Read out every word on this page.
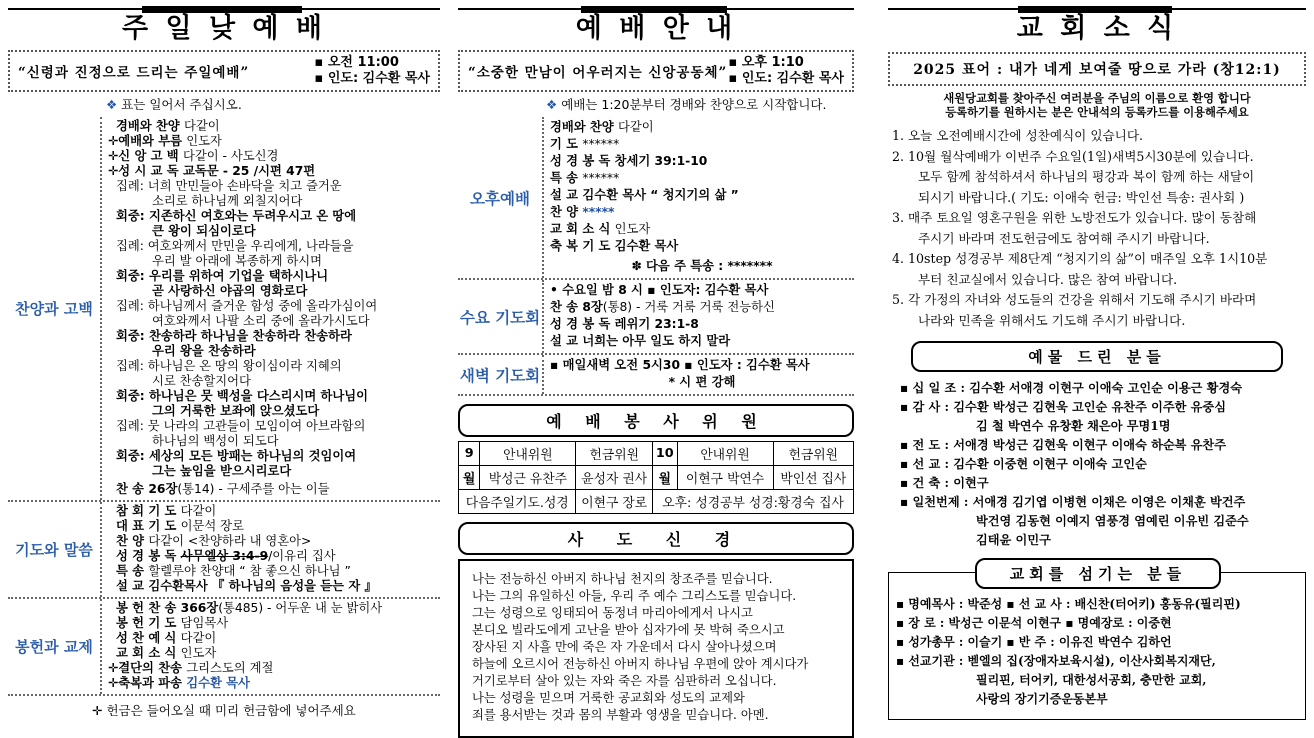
주 일 낮 예 배
“신령과 진정으로 드리는 주일예배”
▪ 오전 11:00
▪ 인도: 김수환 목사
❖ 표는 일어서 주십시오.
찬양과 고백
경배와 찬양 다같이
✛예배와 부름 인도자
✛신 앙 고 백 다같이 - 사도신경
✛성 시 교 독 교독문 - 25 /시편 47편
집례: 너희 만민들아 손바닥을 치고 즐거운
소리로 하나님께 외칠지어다
회중: 지존하신 여호와는 두려우시고 온 땅에
큰 왕이 되심이로다
집례: 여호와께서 만민을 우리에게, 나라들을
우리 발 아래에 복종하게 하시며
회중: 우리를 위하여 기업을 택하시나니
곧 사랑하신 야곱의 영화로다
집례: 하나님께서 즐거운 함성 중에 올라가심이여
여호와께서 나팔 소리 중에 올라가시도다
회중: 찬송하라 하나님을 찬송하라 찬송하라
우리 왕을 찬송하라
집례: 하나님은 온 땅의 왕이심이라 지혜의
시로 찬송할지어다
회중: 하나님은 뭇 백성을 다스리시며 하나님이
그의 거룩한 보좌에 앉으셨도다
집례: 뭇 나라의 고관들이 모임이여 아브라함의
하나님의 백성이 되도다
회중: 세상의 모든 방패는 하나님의 것임이여
그는 높임을 받으시리로다
찬 송 26장(통14) - 구세주를 아는 이들
기도와 말씀
참 회 기 도 다같이
대 표 기 도 이문석 장로
찬 양 다같이 <찬양하라 내 영혼아>
성 경 봉 독 사무엘상 3:4-9/이유리 집사
특 송 할렐루야 찬양대 “ 참 좋으신 하나님 ”
설 교 김수환목사 『 하나님의 음성을 듣는 자 』
봉헌과 교제
봉 헌 찬 송 366장(통485) - 어두운 내 눈 밝히사
봉 헌 기 도 담임목사
성 찬 예 식 다같이
교 회 소 식 인도자
✛결단의 찬송 그리스도의 계절
✛축복과 파송 김수환 목사
✛ 헌금은 들어오실 때 미리 헌금함에 넣어주세요
예 배 안 내
“소중한 만남이 어우러지는 신앙공동체”
▪ 오후 1:10
▪ 인도: 김수환 목사
❖ 예배는 1:20분부터 경배와 찬양으로 시작합니다.
오후예배
경배와 찬양 다같이
기 도 ******
성 경 봉 독 창세기 39:1-10
특 송 ******
설 교 김수환 목사 “ 청지기의 삶 ”
찬 양 *****
교 회 소 식 인도자
축 복 기 도 김수환 목사
✽ 다음 주 특송 : *******
수요 기도회
• 수요일 밤 8 시 ▪ 인도자: 김수환 목사
찬 송 8장(통8) - 거룩 거룩 거룩 전능하신
성 경 봉 독 레위기 23:1-8
설 교 너희는 아무 일도 하지 말라
새벽 기도회
▪ 매일새벽 오전 5시30 ▪ 인도자 : 김수환 목사
* 시 편 강해
예 배 봉 사 위 원
9	안내위원	헌금위원	10	안내위원	헌금위원
월	박성근 유찬주	윤성자 권사	월	이현구 박연수	박인선 집사
다음주일기도.성경		이현구 장로	오후: 성경공부 성경:황경숙 집사		
사 도 신 경
나는 전능하신 아버지 하나님 천지의 창조주를 믿습니다.
나는 그의 유일하신 아들, 우리 주 예수 그리스도를 믿습니다.
그는 성령으로 잉태되어 동정녀 마리아에게서 나시고
본디오 빌라도에게 고난을 받아 십자가에 못 박혀 죽으시고
장사된 지 사흘 만에 죽은 자 가운데서 다시 살아나셨으며
하늘에 오르시어 전능하신 아버지 하나님 우편에 앉아 계시다가
거기로부터 살아 있는 자와 죽은 자를 심판하러 오십니다.
나는 성령을 믿으며 거룩한 공교회와 성도의 교제와
죄를 용서받는 것과 몸의 부활과 영생을 믿습니다. 아멘.
교 회 소 식
2025 표어 : 내가 네게 보여줄 땅으로 가라 (창12:1)
새원당교회를 찾아주신 여러분을 주님의 이름으로 환영 합니다
등록하기를 원하시는 분은 안내석의 등록카드를 이용해주세요
1. 오늘 오전예배시간에 성찬예식이 있습니다.
2. 10월 월삭예배가 이번주 수요일(1일)새벽5시30분에 있습니다.
모두 함께 참석하셔서 하나님의 평강과 복이 함께 하는 새달이
되시기 바랍니다.( 기도: 이애숙 헌금: 박인선 특송: 권사회 )
3. 매주 토요일 영혼구원을 위한 노방전도가 있습니다. 많이 동참해
주시기 바라며 전도헌금에도 참여해 주시기 바랍니다.
4. 10step 성경공부 제8단계 “청지기의 삶”이 매주일 오후 1시10분
부터 친교실에서 있습니다. 많은 참여 바랍니다.
5. 각 가정의 자녀와 성도들의 건강을 위해서 기도해 주시기 바라며
나라와 민족을 위해서도 기도해 주시기 바랍니다.
예물 드린 분들
▪ 십 일 조 : 김수환 서애경 이현구 이애숙 고인순 이용근 황경숙
▪ 감 사 : 김수환 박성근 김현욱 고인순 유찬주 이주한 유중심
김 철 박연수 유창환 채은아 무명1명
▪ 전 도 : 서애경 박성근 김현욱 이현구 이애숙 하순복 유찬주
▪ 선 교 : 김수환 이중현 이현구 이애숙 고인순
▪ 건 축 : 이현구
▪ 일천번제 : 서애경 김기엽 이병현 이채은 이영은 이채훈 박건주
박건영 김동현 이예지 염풍경 염예린 이유빈 김준수
김태윤 이민구
교회를 섬기는 분들
▪ 명예목사 : 박준성 ▪ 선 교 사 : 배신찬(터어키) 홍동유(필리핀)
▪ 장 로 : 박성근 이문석 이현구 ▪ 명예장로 : 이중현
▪ 성가총무 : 이슬기 ▪ 반 주 : 이유진 박연수 김하언
▪ 선교기관 : 벧엘의 집(장애자보육시설), 이산사회복지재단,
필리핀, 터어키, 대한성서공회, 충만한 교회,
사랑의 장기기증운동본부
